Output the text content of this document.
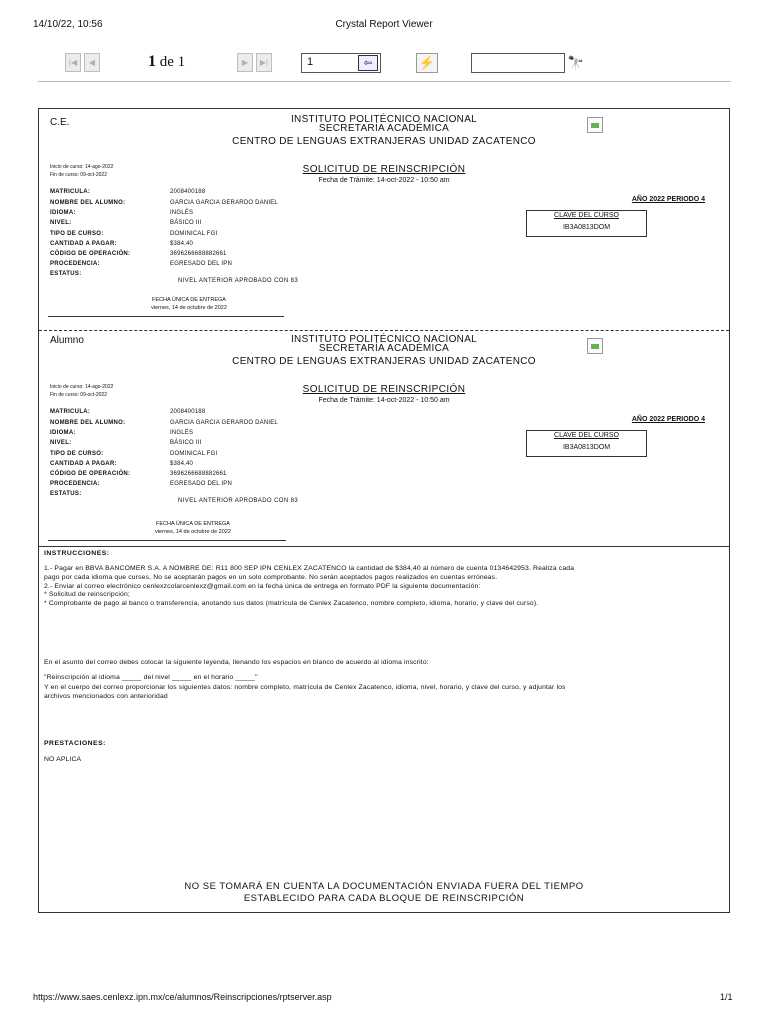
14/10/22, 10:56	Crystal Report Viewer
|◀ ◀	1 de 1	▶ ▶|	1	⇦	⚡	🔭
C.E.	INSTITUTO POLITÉCNICO NACIONAL
SECRETARÍA ACADÉMICA
CENTRO DE LENGUAS EXTRANJERAS UNIDAD ZACATENCO
Inicio de curso: 14-ago-2022
Fin de curso: 09-oct-2022	SOLICITUD DE REINSCRIPCIÓN
Fecha de Trámite: 14-oct-2022 - 10:50 am
MATRICULA:	2008400188
NOMBRE DEL ALUMNO:	GARCIA GARCIA GERARDO DANIEL
IDIOMA:	INGLÉS
NIVEL:	BÁSICO III
TIPO DE CURSO:	DOMINICAL FGI
CANTIDAD A PAGAR:	$384,40
CÓDIGO DE OPERACIÓN:	3696266688882661
PROCEDENCIA:	EGRESADO DEL IPN
ESTATUS:
NIVEL ANTERIOR APROBADO CON 83
AÑO 2022 PERIODO 4
CLAVE DEL CURSO
IB3A0813DOM
FECHA ÚNICA DE ENTREGA
viernes, 14 de octubre de 2022
Alumno	INSTITUTO POLITÉCNICO NACIONAL
SECRETARÍA ACADÉMICA
CENTRO DE LENGUAS EXTRANJERAS UNIDAD ZACATENCO
Inicio de curso: 14-ago-2022
Fin de curso: 09-oct-2022	SOLICITUD DE REINSCRIPCIÓN
Fecha de Trámite: 14-oct-2022 - 10:50 am
MATRICULA:	2008400188
NOMBRE DEL ALUMNO:	GARCIA GARCIA GERARDO DANIEL
IDIOMA:	INGLÉS
NIVEL:	BÁSICO III
TIPO DE CURSO:	DOMINICAL FGI
CANTIDAD A PAGAR:	$384,40
CÓDIGO DE OPERACIÓN:	3696266688882661
PROCEDENCIA:	EGRESADO DEL IPN
ESTATUS:
NIVEL ANTERIOR APROBADO CON 83
AÑO 2022 PERIODO 4
CLAVE DEL CURSO
IB3A0813DOM
FECHA ÚNICA DE ENTREGA
viernes, 14 de octubre de 2022
INSTRUCCIONES:
1.- Pagar en BBVA BANCOMER S.A. A NOMBRE DE: R11 800 SEP IPN CENLEX ZACATENCO la cantidad de $384,40 al número de cuenta 0134642953. Realiza cada
pago por cada idioma que curses. No se aceptarán pagos en un solo comprobante. No serán aceptados pagos realizados en cuentas erróneas.
2.- Enviar al correo electrónico cenlexzcolarcenlexz@gmail.com en la fecha única de entrega en formato PDF la siguiente documentación:
* Solicitud de reinscripción;
* Comprobante de pago al banco o transferencia, anotando sus datos (matrícula de Cenlex Zacatenco, nombre completo, idioma, horario, y clave del curso).
En el asunto del correo debes colocar la siguiente leyenda, llenando los espacios en blanco de acuerdo al idioma inscrito:
"Reinscripción al idioma _____ del nivel _____ en el horario _____"
Y en el cuerpo del correo proporcionar los siguientes datos: nombre completo, matrícula de Cenlex Zacatenco, idioma, nivel, horario, y clave del curso, y adjuntar los
archivos mencionados con anterioridad
PRESTACIONES:
NO APLICA
NO SE TOMARÁ EN CUENTA LA DOCUMENTACIÓN ENVIADA FUERA DEL TIEMPO
ESTABLECIDO PARA CADA BLOQUE DE REINSCRIPCIÓN
https://www.saes.cenlexz.ipn.mx/ce/alumnos/Reinscripciones/rptserver.asp	1/1
